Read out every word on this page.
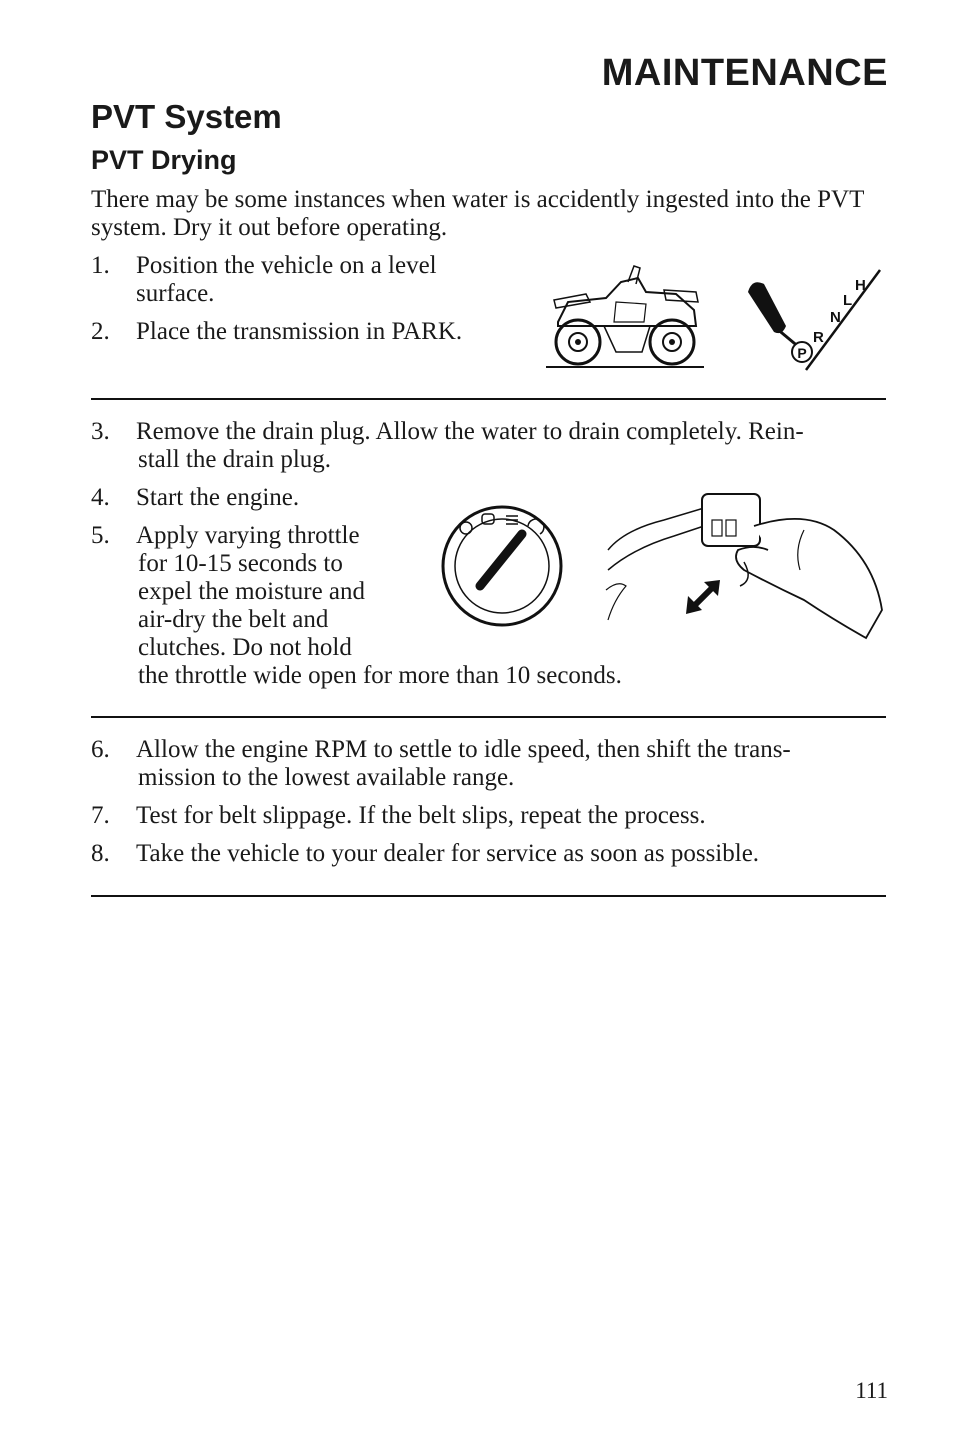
MAINTENANCE
PVT System
PVT Drying

There may be some instances when water is accidently ingested into the PVT system. Dry it out before operating.

1.	Position the vehicle on a level
surface.
2.	Place the transmission in PARK.
P
H
L
N
R
3.	Remove the drain plug. Allow the water to drain completely. Rein-
stall the drain plug.
4.	Start the engine.
5.	Apply varying throttle
for 10-15 seconds to
expel the moisture and
air-dry the belt and
clutches. Do not hold
the throttle wide open for more than 10 seconds.
6.	Allow the engine RPM to settle to idle speed, then shift the trans-
mission to the lowest available range.
7.	Test for belt slippage. If the belt slips, repeat the process.
8.	Take the vehicle to your dealer for service as soon as possible.
111
